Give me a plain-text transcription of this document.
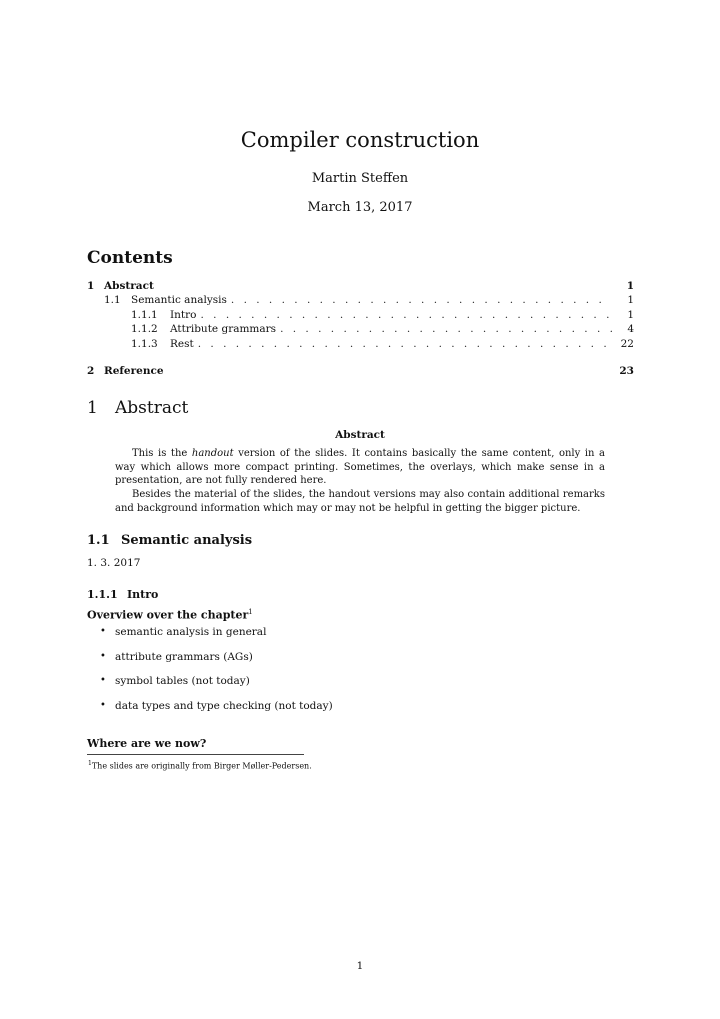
Compiler construction
Martin Steffen
March 13, 2017
Contents
1 Abstract	1
1.1 Semantic analysis . . .	1
1.1.1	Intro . . .	1
1.1.2	Attribute grammars . . .	4
1.1.3	Rest . . .	22
2 Reference	23
1 Abstract
Abstract
This is the handout version of the slides. It contains basically the same content, only in a way which allows more compact printing. Sometimes, the overlays, which make sense in a presentation, are not fully rendered here.
Besides the material of the slides, the handout versions may also contain additional remarks and background information which may or may not be helpful in getting the bigger picture.
1.1 Semantic analysis
1. 3. 2017
1.1.1 Intro
Overview over the chapter$^1$
• semantic analysis in general
• attribute grammars (AGs)
• symbol tables (not today)
• data types and type checking (not today)
Where are we now?
$^1$The slides are originally from Birger Møller-Pedersen.
1
